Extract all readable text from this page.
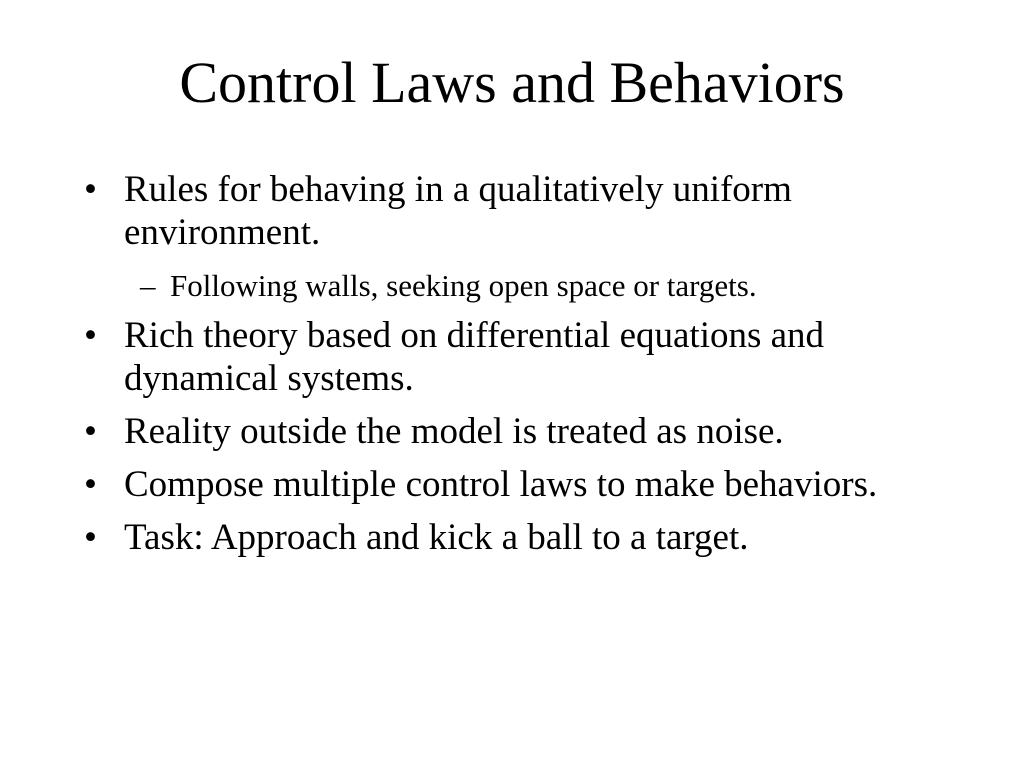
Control Laws and Behaviors
• Rules for behaving in a qualitatively uniform environment.
– Following walls, seeking open space or targets.
• Rich theory based on differential equations and dynamical systems.
• Reality outside the model is treated as noise.
• Compose multiple control laws to make behaviors.
• Task: Approach and kick a ball to a target.
